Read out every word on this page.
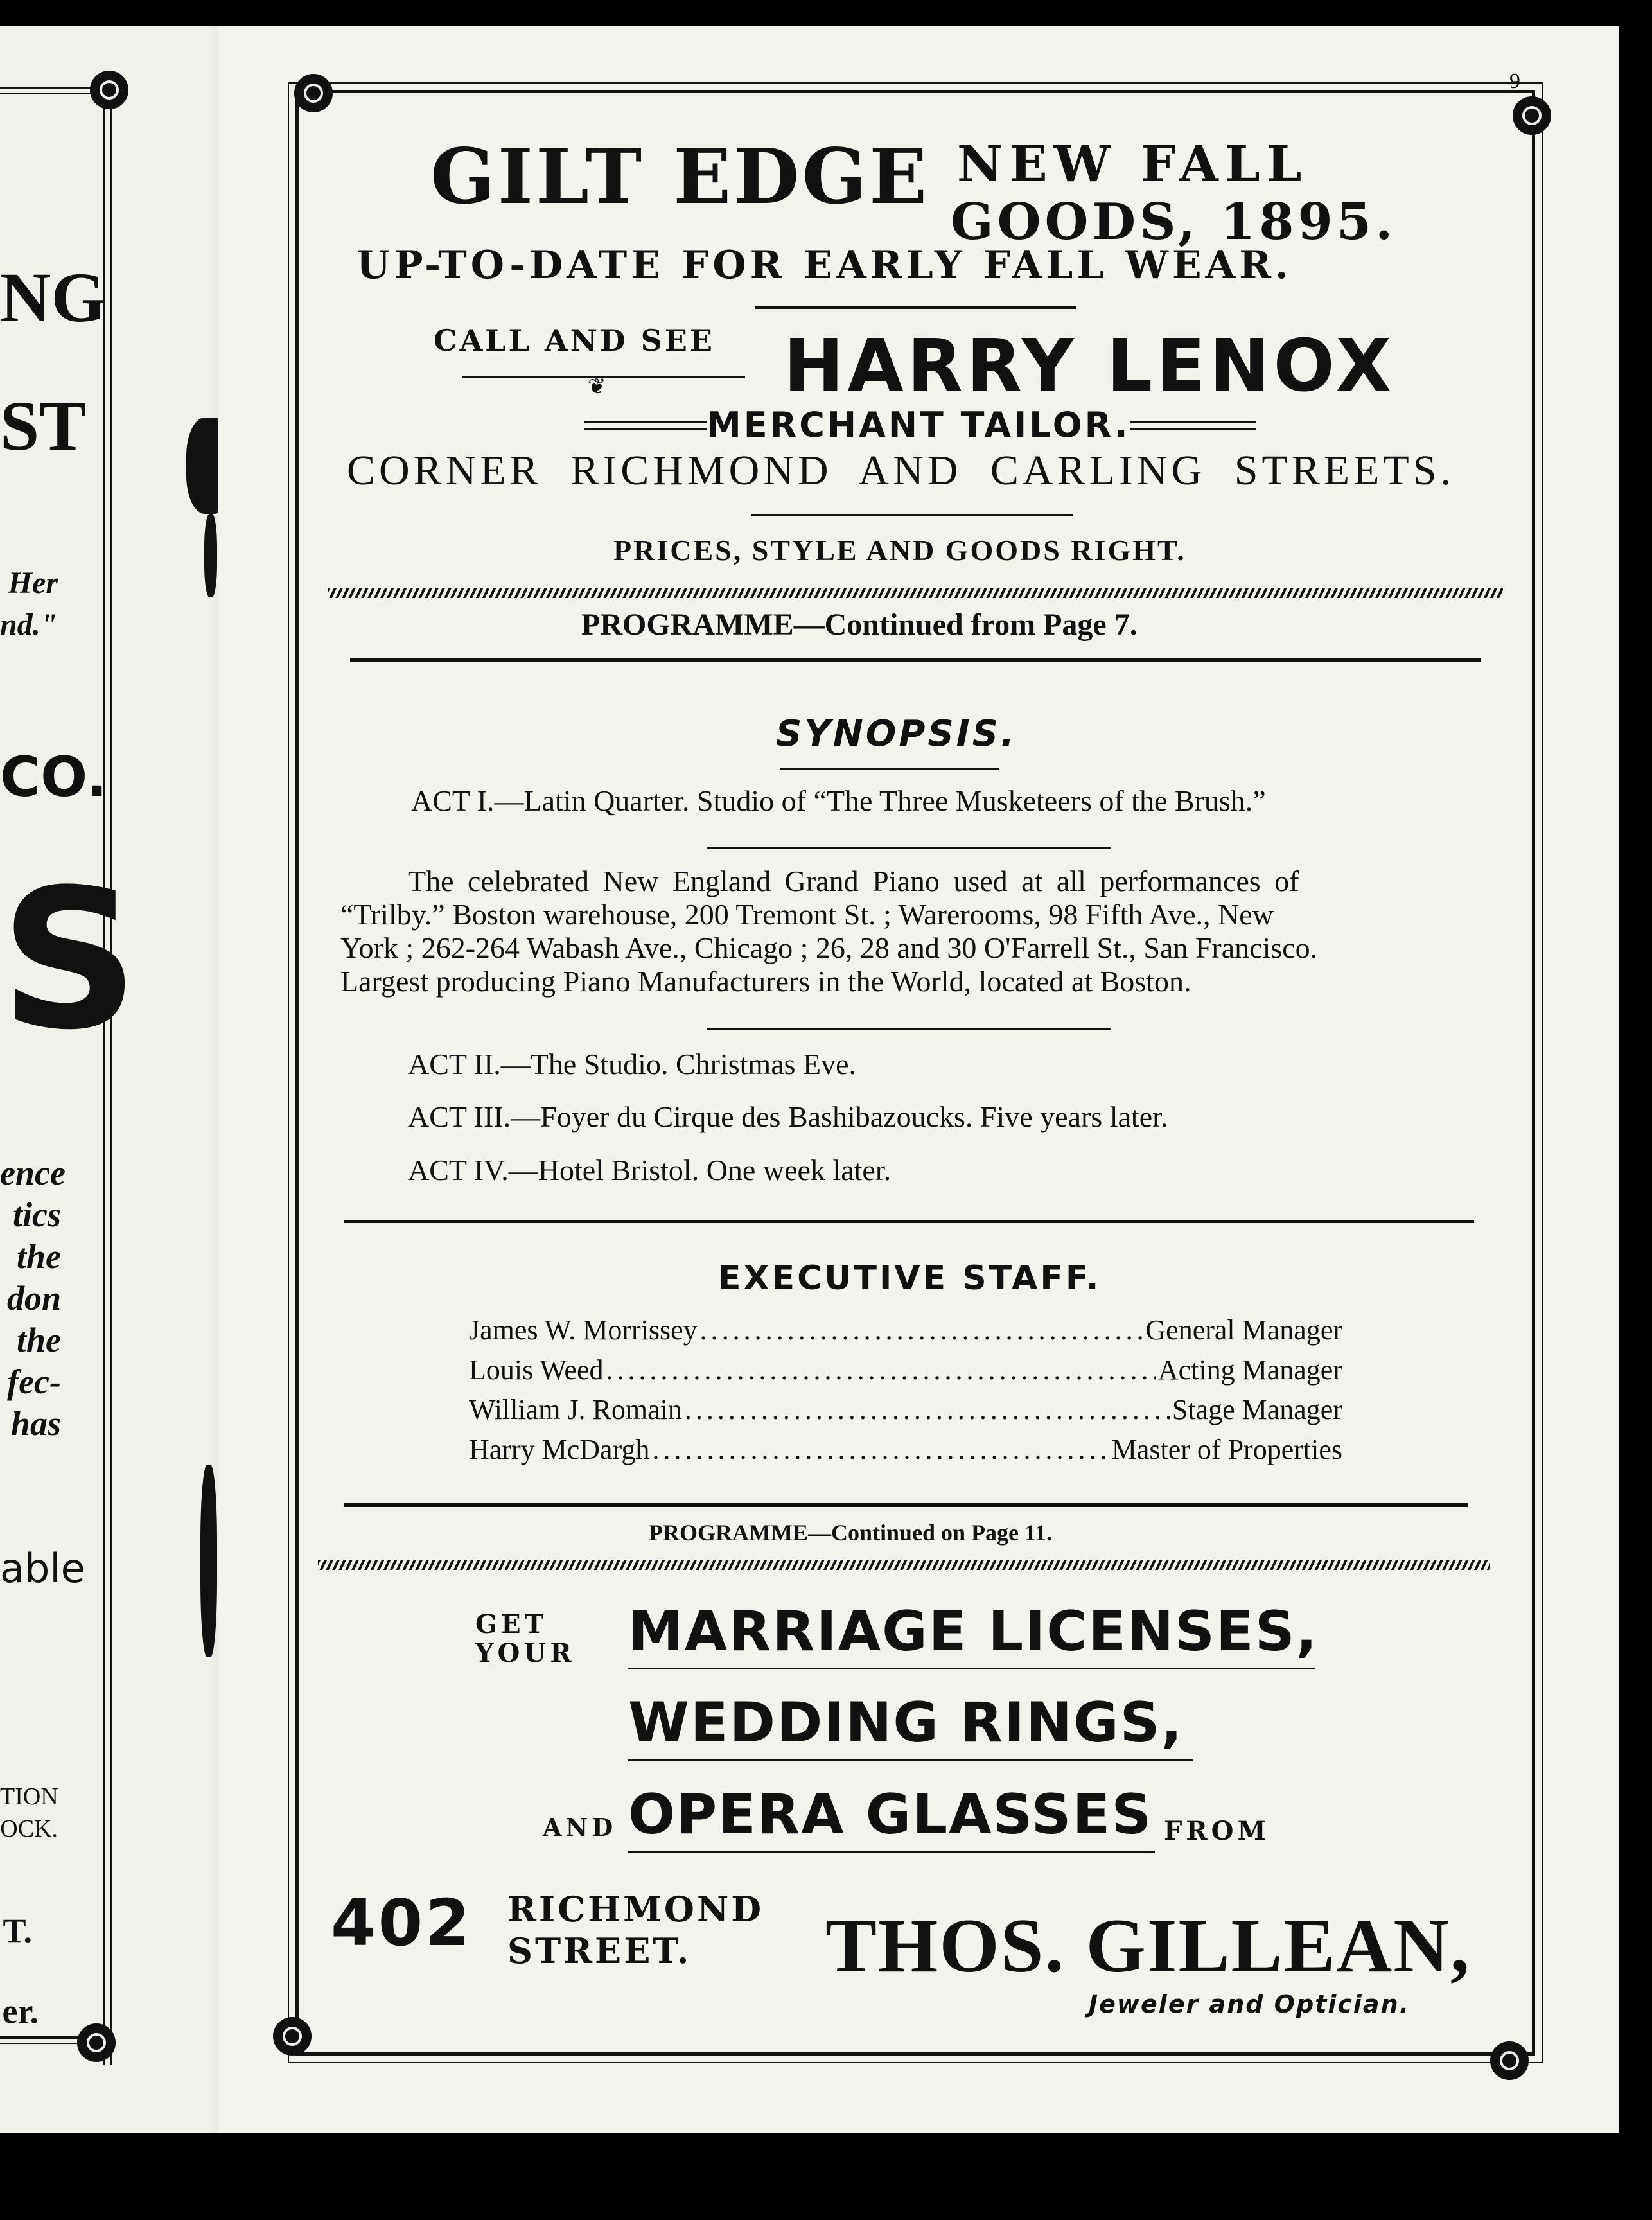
NG
ST
Her
nd."
CO.
S
ence
tics
the
don
the
fec-
has
able
TION
OCK.
T.
er.
9
GILT EDGE NEW FALL
GOODS, 1895.
UP-TO-DATE FOR EARLY FALL WEAR.
CALL AND SEE
❦ HARRY LENOX
MERCHANT TAILOR.
CORNER RICHMOND AND CARLING STREETS.
PRICES, STYLE AND GOODS RIGHT.
PROGRAMME—Continued from Page 7.
SYNOPSIS.
ACT I.—Latin Quarter. Studio of “The Three Musketeers of the Brush.”
The celebrated New England Grand Piano used at all performances of
“Trilby.” Boston warehouse, 200 Tremont St. ; Warerooms, 98 Fifth Ave., New
York ; 262-264 Wabash Ave., Chicago ; 26, 28 and 30 O'Farrell St., San Francisco.
Largest producing Piano Manufacturers in the World, located at Boston.
ACT II.—The Studio. Christmas Eve.
ACT III.—Foyer du Cirque des Bashibazoucks. Five years later.
ACT IV.—Hotel Bristol. One week later.
EXECUTIVE STAFF.
James W. Morrissey .....	General Manager
Louis Weed .....	Acting Manager
William J. Romain .....	Stage Manager
Harry McDargh .....	Master of Properties
PROGRAMME—Continued on Page 11.
GET
YOUR MARRIAGE LICENSES,
WEDDING RINGS,
AND OPERA GLASSES FROM
402 RICHMOND
STREET. THOS. GILLEAN,
Jeweler and Optician.
